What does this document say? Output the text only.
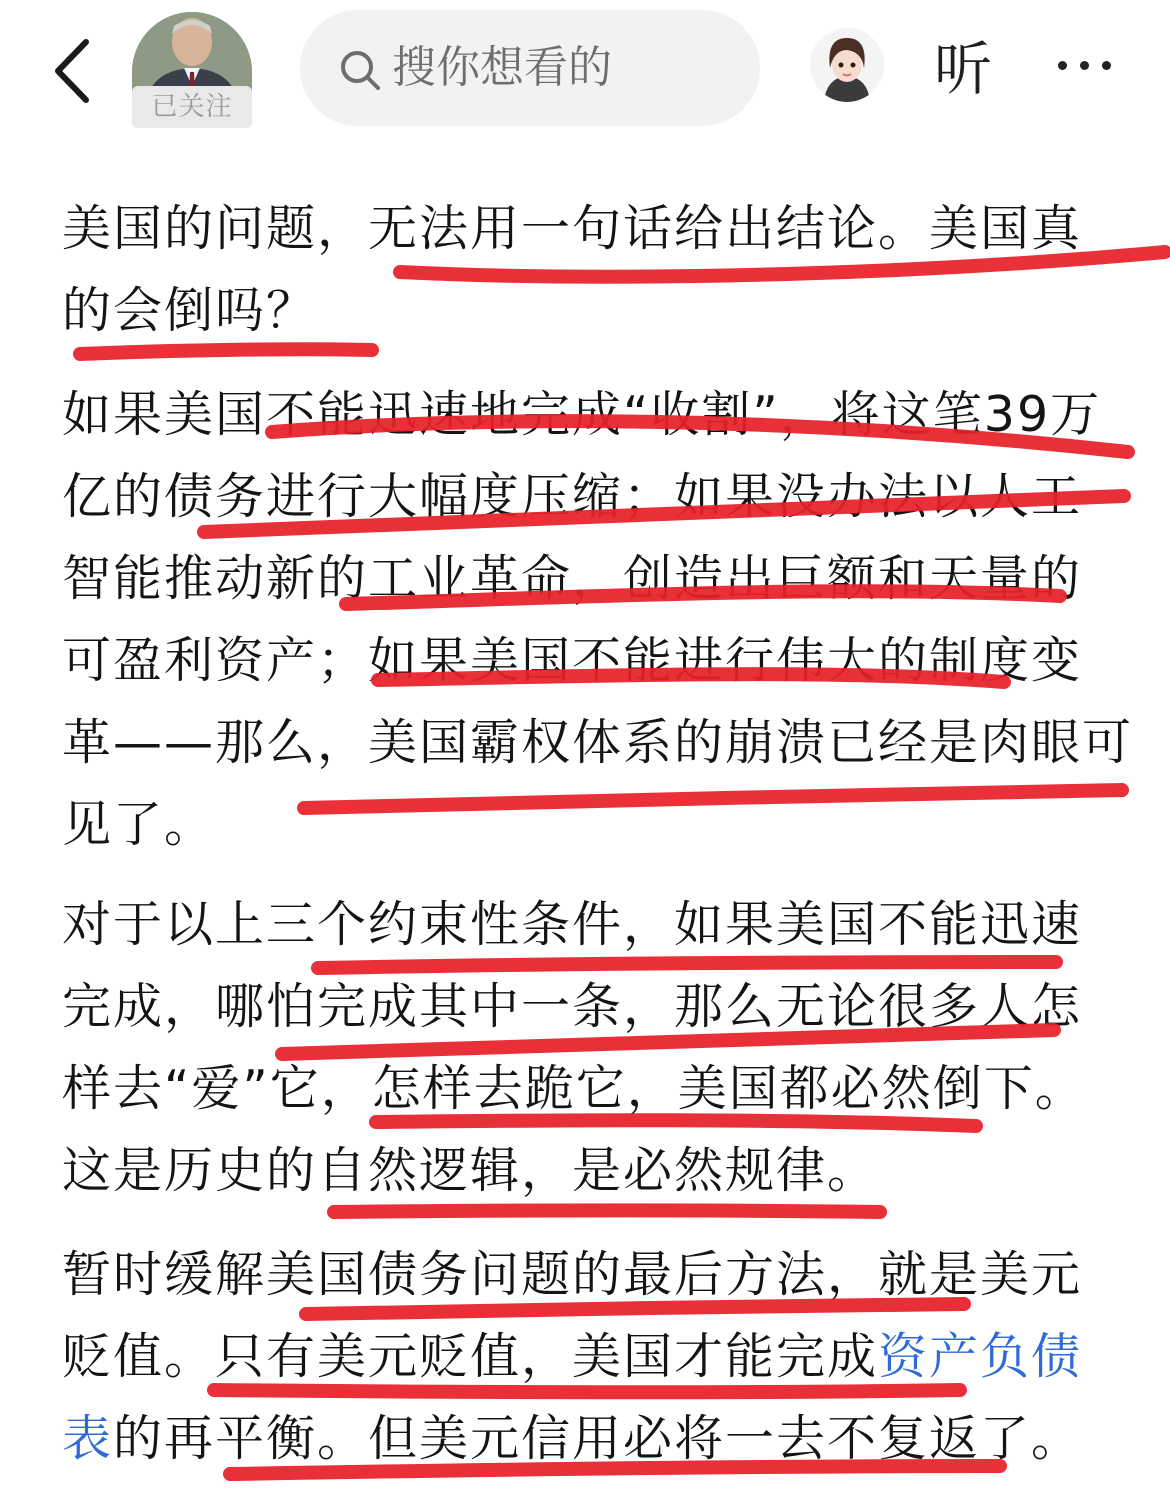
已关注
搜你想看的	听
美国的问题，无法用一句话给出结论。美国真
的会倒吗？
如果美国不能迅速地完成“收割”，将这笔39万
亿的债务进行大幅度压缩；如果没办法以人工
智能推动新的工业革命，创造出巨额和天量的
可盈利资产；如果美国不能进行伟大的制度变
革——那么，美国霸权体系的崩溃已经是肉眼可
见了。
对于以上三个约束性条件，如果美国不能迅速
完成，哪怕完成其中一条，那么无论很多人怎
样去“爱”它，怎样去跪它，美国都必然倒下。
这是历史的自然逻辑，是必然规律。
暂时缓解美国债务问题的最后方法，就是美元
贬值。只有美元贬值，美国才能完成资产负债
表的再平衡。但美元信用必将一去不复返了。
